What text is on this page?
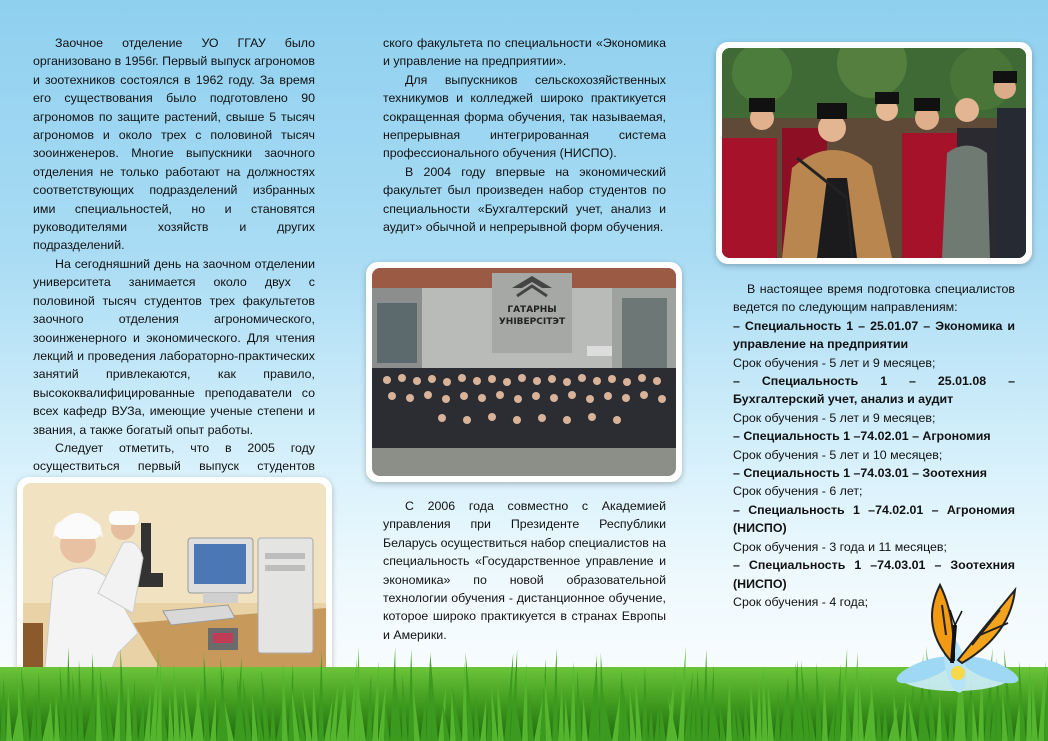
Заочное отделение УО ГГАУ было организовано в 1956г. Первый выпуск агрономов и зоотехников состоялся в 1962 году. За время его существования было подготовлено 90 агрономов по защите растений, свыше 5 тысяч агрономов и около трех с половиной тысяч зооинженеров. Многие выпускники заочного отделения не только работают на должностях соответствующих подразделений избранных ими специальностей, но и становятся руководителями хозяйств и других подразделений.

На сегодняшний день на заочном отделении университета занимается около двух с половиной тысяч студентов трех факультетов заочного отделения агрономического, зооинженерного и экономического. Для чтения лекций и проведения лабораторно-практических занятий привлекаются, как правило, высококвалифицированные преподаватели со всех кафедр ВУЗа, имеющие ученые степени и звания, а также богатый опыт работы.

Следует отметить, что в 2005 году осуществиться первый выпуск студентов

ского факультета по специальности «Экономика и управление на предприятии».

Для выпускников сельскохозяйственных техникумов и колледжей широко практикуется сокращенная форма обучения, так называемая, непрерывная интегрированная система профессионального обучения (НИСПО).

В 2004 году впервые на экономический факультет был произведен набор студентов по специальности «Бухгалтерский учет, анализ и аудит» обычной и непрерывной форм обучения.

С 2006 года совместно с Академией управления при Президенте Республики Беларусь осуществиться набор специалистов на специальность «Государственное управление и экономика» по новой образовательной технологии обучения - дистанционное обучение, которое широко практикуется в странах Европы и Америки.

В настоящее время подготовка специалистов ведется по следующим направлениям:

– Специальность 1 – 25.01.07 – Экономика и управление на предприятии

Срок обучения - 5 лет и 9 месяцев;

– Специальность 1 – 25.01.08 – Бухгалтерский учет, анализ и аудит

Срок обучения - 5 лет и 9 месяцев;

– Специальность 1 –74.02.01 – Агрономия

Срок обучения - 5 лет и 10 месяцев;

– Специальность 1 –74.03.01 – Зоотехния

Срок обучения - 6 лет;

– Специальность 1 –74.02.01 – Агрономия (НИСПО)

Срок обучения - 3 года и 11 месяцев;

– Специальность 1 –74.03.01 – Зоотехния (НИСПО)

Срок обучения - 4 года;

ГАТАРНЫ
УНІВЕРСІТЭТ
